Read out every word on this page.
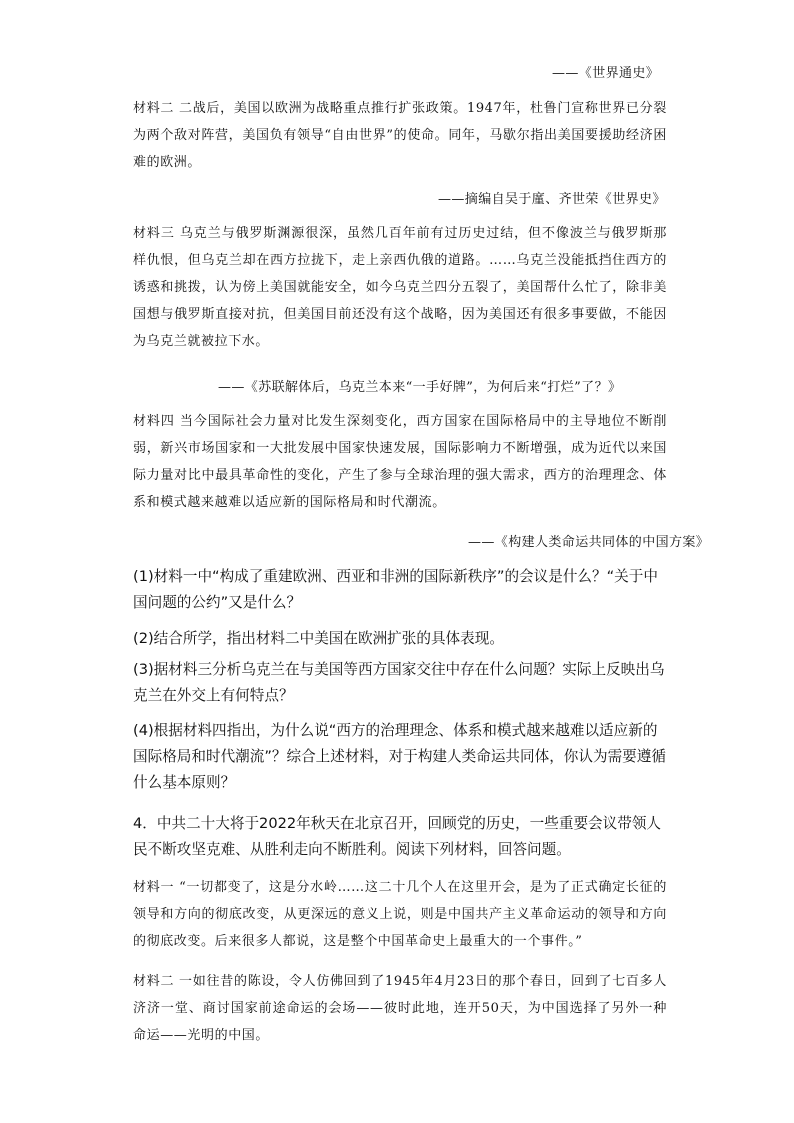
——《世界通史》
材料二 二战后，美国以欧洲为战略重点推行扩张政策。1947年，杜鲁门宣称世界已分裂为两个敌对阵营，美国负有领导“自由世界”的使命。同年，马歇尔指出美国要援助经济困难的欧洲。
——摘编自吴于廑、齐世荣《世界史》
材料三 乌克兰与俄罗斯渊源很深，虽然几百年前有过历史过结，但不像波兰与俄罗斯那样仇恨，但乌克兰却在西方拉拢下，走上亲西仇俄的道路。……乌克兰没能抵挡住西方的诱惑和挑拨，认为傍上美国就能安全，如今乌克兰四分五裂了，美国帮什么忙了，除非美国想与俄罗斯直接对抗，但美国目前还没有这个战略，因为美国还有很多事要做，不能因为乌克兰就被拉下水。
——《苏联解体后，乌克兰本来“一手好牌”，为何后来“打烂”了？》
材料四 当今国际社会力量对比发生深刻变化，西方国家在国际格局中的主导地位不断削弱，新兴市场国家和一大批发展中国家快速发展，国际影响力不断增强，成为近代以来国际力量对比中最具革命性的变化，产生了参与全球治理的强大需求，西方的治理理念、体系和模式越来越难以适应新的国际格局和时代潮流。
——《构建人类命运共同体的中国方案》
(1)材料一中“构成了重建欧洲、西亚和非洲的国际新秩序”的会议是什么？“关于中国问题的公约”又是什么？
(2)结合所学，指出材料二中美国在欧洲扩张的具体表现。
(3)据材料三分析乌克兰在与美国等西方国家交往中存在什么问题？实际上反映出乌克兰在外交上有何特点？
(4)根据材料四指出，为什么说“西方的治理理念、体系和模式越来越难以适应新的国际格局和时代潮流”？综合上述材料，对于构建人类命运共同体，你认为需要遵循什么基本原则？
4．中共二十大将于2022年秋天在北京召开，回顾党的历史，一些重要会议带领人民不断攻坚克难、从胜利走向不断胜利。阅读下列材料，回答问题。
材料一 “一切都变了，这是分水岭……这二十几个人在这里开会，是为了正式确定长征的领导和方向的彻底改变，从更深远的意义上说，则是中国共产主义革命运动的领导和方向的彻底改变。后来很多人都说，这是整个中国革命史上最重大的一个事件。”
材料二 一如往昔的陈设，令人仿佛回到了1945年4月23日的那个春日，回到了七百多人济济一堂、商讨国家前途命运的会场——彼时此地，连开50天，为中国选择了另外一种命运——光明的中国。
